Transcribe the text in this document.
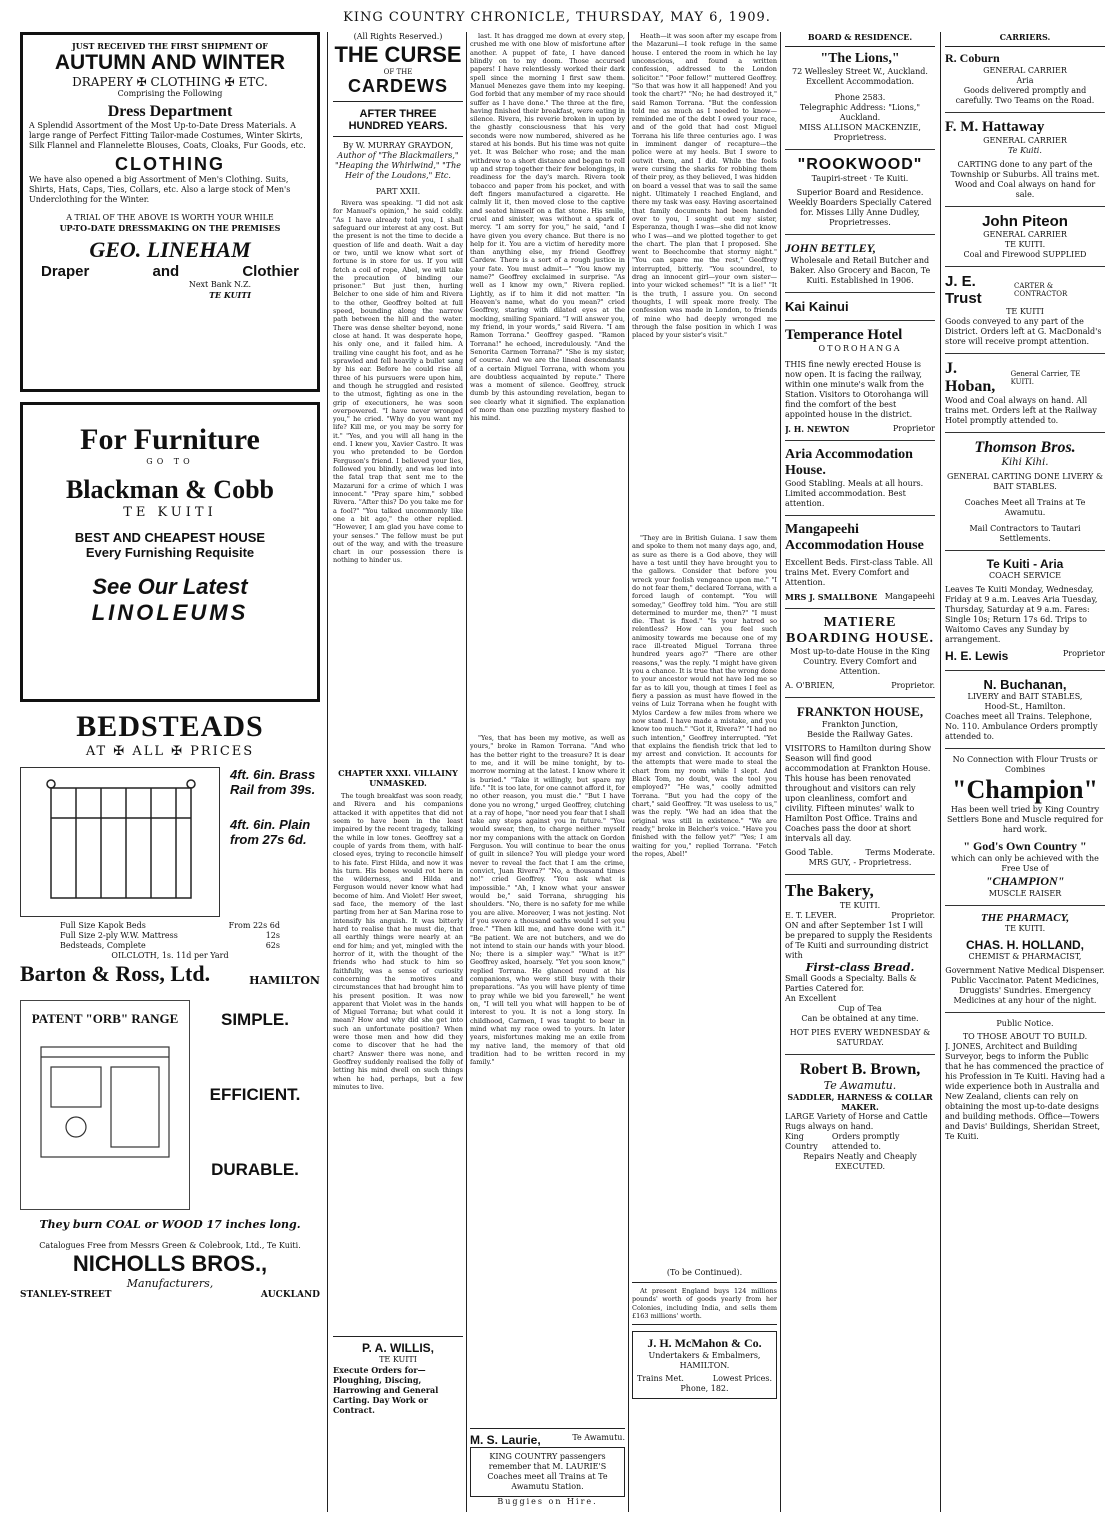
KING COUNTRY CHRONICLE, THURSDAY, MAY 6, 1909.
JUST RECEIVED THE FIRST SHIPMENT OF
AUTUMN AND WINTER
DRAPERY ✠ CLOTHING ✠ ETC.
Comprising the Following
Dress Department
A Splendid Assortment of the Most Up-to-Date Dress Materials. A large range of Perfect Fitting Tailor-made Costumes, Winter Skirts, Silk Flannel and Flannelette Blouses, Coats, Cloaks, Fur Goods, etc.
CLOTHING
We have also opened a big Assortment of Men's Clothing. Suits, Shirts, Hats, Caps, Ties, Collars, etc. Also a large stock of Men's Underclothing for the Winter.
A TRIAL OF THE ABOVE IS WORTH YOUR WHILE
UP-TO-DATE DRESSMAKING ON THE PREMISES
GEO. LINEHAM
Draper	and	Clothier
Next Bank N.Z.
TE KUITI
For Furniture
GO TO
Blackman & Cobb
TE KUITI
BEST AND CHEAPEST HOUSE
Every Furnishing Requisite
See Our Latest
LINOLEUMS
BEDSTEADS
AT ✠ ALL ✠ PRICES
4ft. 6in. Brass Rail from 39s.
4ft. 6in. Plain from 27s 6d.
Full Size Kapok Beds	From 22s 6d
Full Size 2-ply W.W. Mattress	12s
Bedsteads, Complete	62s
OILCLOTH, 1s. 11d per Yard
Barton & Ross, Ltd.	HAMILTON
PATENT "ORB" RANGE	SIMPLE.
EFFICIENT.
DURABLE.
They burn COAL or WOOD 17 inches long.
Catalogues Free from Messrs Green & Colebrook, Ltd., Te Kuiti.
NICHOLLS BROS.,
Manufacturers,
STANLEY-STREET	AUCKLAND
(All Rights Reserved.)
THE CURSE
OF THE
CARDEWS
AFTER THREE HUNDRED YEARS.
By W. MURRAY GRAYDON,
Author of "The Blackmailers," "Heaping the Whirlwind," "The Heir of the Loudons," Etc.
PART XXII.
Rivera was speaking. "I did not ask for Manuel's opinion," he said coldly. "As I have already told you, I shall safeguard our interest at any cost. But the present is not the time to decide a question of life and death. Wait a day or two, until we know what sort of fortune is in store for us. If you will fetch a coil of rope, Abel, we will take the precaution of binding our prisoner." But just then, hurling Belcher to one side of him and Rivera to the other, Geoffrey bolted at full speed, bounding along the narrow path between the hill and the water. There was dense shelter beyond, none close at hand. It was desperate hope, his only one, and it failed him. A trailing vine caught his foot, and as he sprawled and fell heavily a bullet sang by his ear. Before he could rise all three of his pursuers were upon him, and though he struggled and resisted to the utmost, fighting as one in the grip of executioners, he was soon overpowered. "I have never wronged you," he cried. "Why do you want my life? Kill me, or you may be sorry for it." "Yes, and you will all hang in the end. I knew you, Xavier Castro. It was you who pretended to be Gordon Ferguson's friend. I believed your lies, followed you blindly, and was led into the fatal trap that sent me to the Mazaruni for a crime of which I was innocent." "Pray spare him," sobbed Rivera. "After this? Do you take me for a fool?" "You talked uncommonly like one a bit ago," the other replied. "However, I am glad you have come to your senses." The fellow must be put out of the way, and with the treasure chart in our possession there is nothing to hinder us.
CHAPTER XXXI. VILLAINY UNMASKED.
The tough breakfast was soon ready, and Rivera and his companions attacked it with appetites that did not seem to have been in the least impaired by the recent tragedy, talking the while in low tones. Geoffrey sat a couple of yards from them, with half-closed eyes, trying to reconcile himself to his fate. First Hilda, and now it was his turn. His bones would rot here in the wilderness, and Hilda and Ferguson would never know what had become of him. And Violet! Her sweet, sad face, the memory of the last parting from her at San Marina rose to intensify his anguish. It was bitterly hard to realise that he must die, that all earthly things were nearly at an end for him; and yet, mingled with the horror of it, with the thought of the friends who had stuck to him so faithfully, was a sense of curiosity concerning the motives and circumstances that had brought him to his present position. It was now apparent that Violet was in the hands of Miguel Torrana; but what could it mean? How and why did she get into such an unfortunate position? When were those men and how did they come to discover that he had the chart? Answer there was none, and Geoffrey suddenly realised the folly of letting his mind dwell on such things when he had, perhaps, but a few minutes to live.
P. A. WILLIS,
TE KUITI
Execute Orders for— Ploughing, Discing, Harrowing and General Carting. Day Work or Contract.
last. It has dragged me down at every step, crushed me with one blow of misfortune after another. A puppet of fate, I have danced blindly on to my doom. Those accursed papers! I have relentlessly worked their dark spell since the morning I first saw them. Manuel Menezes gave them into my keeping. God forbid that any member of my race should suffer as I have done." The three at the fire, having finished their breakfast, were eating in silence. Rivera, his reverie broken in upon by the ghastly consciousness that his very seconds were now numbered, shivered as he stared at his bonds. But his time was not quite yet. It was Belcher who rose; and the man withdrew to a short distance and began to roll up and strap together their few belongings, in readiness for the day's march. Rivera took tobacco and paper from his pocket, and with deft fingers manufactured a cigarette. He calmly lit it, then moved close to the captive and seated himself on a flat stone. His smile, cruel and sinister, was without a spark of mercy. "I am sorry for you," he said, "and I have given you every chance. But there is no help for it. You are a victim of heredity more than anything else, my friend Geoffrey Cardew. There is a sort of a rough justice in your fate. You must admit—" "You know my name?" Geoffrey exclaimed in surprise. "As well as I know my own," Rivera replied. Lightly, as if to him it did not matter. "In Heaven's name, what do you mean?" cried Geoffrey, staring with dilated eyes at the mocking, smiling Spaniard. "I will answer you, my friend, in your words," said Rivera. "I am Ramon Torrana." Geoffrey gasped. "Ramon Torrana!" he echoed, incredulously. "And the Senorita Carmen Torrana?" "She is my sister, of course. And we are the lineal descendants of a certain Miguel Torrana, with whom you are doubtless acquainted by repute." There was a moment of silence. Geoffrey, struck dumb by this astounding revelation, began to see clearly what it signified. The explanation of more than one puzzling mystery flashed to his mind.
"Yes, that has been my motive, as well as yours," broke in Ramon Torrana. "And who has the better right to the treasure? It is dear to me, and it will be mine tonight, by to-morrow morning at the latest. I know where it is buried." "Take it willingly, but spare my life." "It is too late, for one cannot afford it, for no other reason, you must die." "But I have done you no wrong," urged Geoffrey, clutching at a ray of hope, "nor need you fear that I shall take any steps against you in future." "You would swear, then, to charge neither myself nor my companions with the attack on Gordon Ferguson. You will continue to bear the onus of guilt in silence? You will pledge your word never to reveal the fact that I am the crime, convict, Juan Rivera?" "No, a thousand times no!" cried Geoffrey. "You ask what is impossible." "Ah, I know what your answer would be," said Torrana, shrugging his shoulders. "No, there is no safety for me while you are alive. Moreover, I was not jesting. Not if you swore a thousand oaths would I set you free." "Then kill me, and have done with it." "Be patient. We are not butchers, and we do not intend to stain our hands with your blood. No; there is a simpler way." "What is it?" Geoffrey asked, hoarsely. "Yet you soon know," replied Torrana. He glanced round at his companions, who were still busy with their preparations. "As you will have plenty of time to pray while we bid you farewell," he went on, "I will tell you what will happen to be of interest to you. It is not a long story. In childhood, Carmen, I was taught to bear in mind what my race owed to yours. In later years, misfortunes making me an exile from my native land, the memory of that old tradition had to be written record in my family."
M. S. Laurie,	Te Awamutu.
KING COUNTRY passengers remember that M. LAURIE'S Coaches meet all Trains at Te Awamutu Station.
Buggies on Hire.
Heath—it was soon after my escape from the Mazaruni—I took refuge in the same house. I entered the room in which he lay unconscious, and found a written confession, addressed to the London solicitor." "Poor fellow!" muttered Geoffrey. "So that was how it all happened! And you took the chart?" "No; he had destroyed it," said Ramon Torrana. "But the confession told me as much as I needed to know—reminded me of the debt I owed your race, and of the gold that had cost Miguel Torrana his life three centuries ago. I was in imminent danger of recapture—the police were at my heels. But I swore to outwit them, and I did. While the fools were cursing the sharks for robbing them of their prey, as they believed, I was hidden on board a vessel that was to sail the same night. Ultimately I reached England, and there my task was easy. Having ascertained that family documents had been handed over to you, I sought out my sister, Esperanza, though I was—she did not know who I was—and we plotted together to get the chart. The plan that I proposed. She went to Beechcombe that stormy night." "You can spare me the rest," Geoffrey interrupted, bitterly. "You scoundrel, to drag an innocent girl—your own sister—into your wicked schemes!" "It is a lie!" "It is the truth, I assure you. On second thoughts, I will speak more freely. The confession was made in London, to friends of mine who had deeply wronged me through the false position in which I was placed by your sister's visit."
"They are in British Guiana. I saw them and spoke to them not many days ago, and, as sure as there is a God above, they will have a test until they have brought you to the gallows. Consider that before you wreck your foolish vengeance upon me." "I do not fear them," declared Torrana, with a forced laugh of contempt. "You will someday," Geoffrey told him. "You are still determined to murder me, then?" "I must die. That is fixed." "Is your hatred so relentless? How can you feel such animosity towards me because one of my race ill-treated Miguel Torrana three hundred years ago?" "There are other reasons," was the reply. "I might have given you a chance. It is true that the wrong done to your ancestor would not have led me so far as to kill you, though at times I feel as fiery a passion as must have flowed in the veins of Luiz Torrana when he fought with Mylos Cardew a few miles from where we now stand. I have made a mistake, and you know too much." "Got it, Rivera?" "I had no such intention," Geoffrey interrupted. "Yet that explains the fiendish trick that led to my arrest and conviction. It accounts for the attempts that were made to steal the chart from my room while I slept. And Black Tom, no doubt, was the tool you employed?" "He was," coolly admitted Torrana. "But you had the copy of the chart," said Geoffrey. "It was useless to us," was the reply. "We had an idea that the original was still in existence." "We are ready," broke in Belcher's voice. "Have you finished with the fellow yet?" "Yes; I am waiting for you," replied Torrana. "Fetch the ropes, Abel!"
(To be Continued).
At present England buys 124 millions pounds' worth of goods yearly from her Colonies, including India, and sells them £163 millions' worth.
J. H. McMahon & Co.
Undertakers & Embalmers,
HAMILTON.
Trains Met.	Lowest Prices.
Phone, 182.
BOARD & RESIDENCE.
"The Lions,"
72 Wellesley Street W., Auckland.
Excellent Accommodation.
Phone 2583.
Telegraphic Address: "Lions," Auckland.
MISS ALLISON MACKENZIE, Proprietress.
"ROOKWOOD"
Taupiri-street · Te Kuiti.
Superior Board and Residence. Weekly Boarders Specially Catered for. Misses Lilly Anne Dudley, Proprietresses.
JOHN BETTLEY,
Wholesale and Retail Butcher and Baker. Also Grocery and Bacon, Te Kuiti. Established in 1906.
Kai Kainui
Temperance Hotel
OTOROHANGA
THIS fine newly erected House is now open. It is facing the railway, within one minute's walk from the Station. Visitors to Otorohanga will find the comfort of the best appointed house in the district.
J. H. NEWTON	Proprietor
Aria Accommodation House.
Good Stabling. Meals at all hours. Limited accommodation. Best attention.
Mangapeehi
Accommodation House
Excellent Beds. First-class Table. All trains Met. Every Comfort and Attention.
MRS J. SMALLBONE Mangapeehi
MATIERE BOARDING HOUSE.
Most up-to-date House in the King Country. Every Comfort and Attention.
A. O'BRIEN,	Proprietor.
FRANKTON HOUSE,
Frankton Junction,
Beside the Railway Gates.
VISITORS to Hamilton during Show Season will find good accommodation at Frankton House. This house has been renovated throughout and visitors can rely upon cleanliness, comfort and civility. Fifteen minutes' walk to Hamilton Post Office. Trains and Coaches pass the door at short intervals all day.
Good Table.	Terms Moderate.
MRS GUY, - Proprietress.
The Bakery,
TE KUITI.
E. T. LEVER.	Proprietor.
ON and after September 1st I will be prepared to supply the Residents of Te Kuiti and surrounding district with
First-class Bread.
Small Goods a Specialty. Balls & Parties Catered for.
An Excellent
Cup of Tea
Can be obtained at any time.
HOT PIES EVERY WEDNESDAY & SATURDAY.
Robert B. Brown,
Te Awamutu.
SADDLER, HARNESS & COLLAR MAKER.
LARGE Variety of Horse and Cattle Rugs always on hand.
King Country
Orders promptly attended to.
Repairs Neatly and Cheaply EXECUTED.
CARRIERS.
R. Coburn
GENERAL CARRIER
Aria
Goods delivered promptly and carefully. Two Teams on the Road.
F. M. Hattaway
GENERAL CARRIER
Te Kuiti.
CARTING done to any part of the Township or Suburbs. All trains met. Wood and Coal always on hand for sale.
John Piteon
GENERAL CARRIER
TE KUITI.
Coal and Firewood SUPPLIED
J. E. Trust
CARTER & CONTRACTOR
TE KUITI
Goods conveyed to any part of the District. Orders left at G. MacDonald's store will receive prompt attention.
J. Hoban,
General Carrier, TE KUITI.
Wood and Coal always on hand. All trains met. Orders left at the Railway Hotel promptly attended to.
Thomson Bros.
Kihi Kihi.
GENERAL CARTING DONE LIVERY & BAIT STABLES.
Coaches Meet all Trains at Te Awamutu.
Mail Contractors to Tautari Settlements.
Te Kuiti - Aria
COACH SERVICE
Leaves Te Kuiti Monday, Wednesday, Friday at 9 a.m. Leaves Aria Tuesday, Thursday, Saturday at 9 a.m. Fares: Single 10s; Return 17s 6d. Trips to Waitomo Caves any Sunday by arrangement.
H. E. Lewis	Proprietor
N. Buchanan,
LIVERY and BAIT STABLES,
Hood-St., Hamilton.
Coaches meet all Trains. Telephone, No. 110. Ambulance Orders promptly attended to.
No Connection with Flour Trusts or Combines
"Champion"
Has been well tried by King Country Settlers Bone and Muscle required for hard work.
" God's Own Country "
which can only be achieved with the Free Use of
"CHAMPION"
MUSCLE RAISER
THE PHARMACY,
TE KUITI.
CHAS. H. HOLLAND,
CHEMIST & PHARMACIST,
Government Native Medical Dispenser. Public Vaccinator. Patent Medicines, Druggists' Sundries. Emergency Medicines at any hour of the night.
Public Notice.
TO THOSE ABOUT TO BUILD.
J. JONES, Architect and Building Surveyor, begs to inform the Public that he has commenced the practice of his Profession in Te Kuiti. Having had a wide experience both in Australia and New Zealand, clients can rely on obtaining the most up-to-date designs and building methods. Office—Towers and Davis' Buildings, Sheridan Street, Te Kuiti.
